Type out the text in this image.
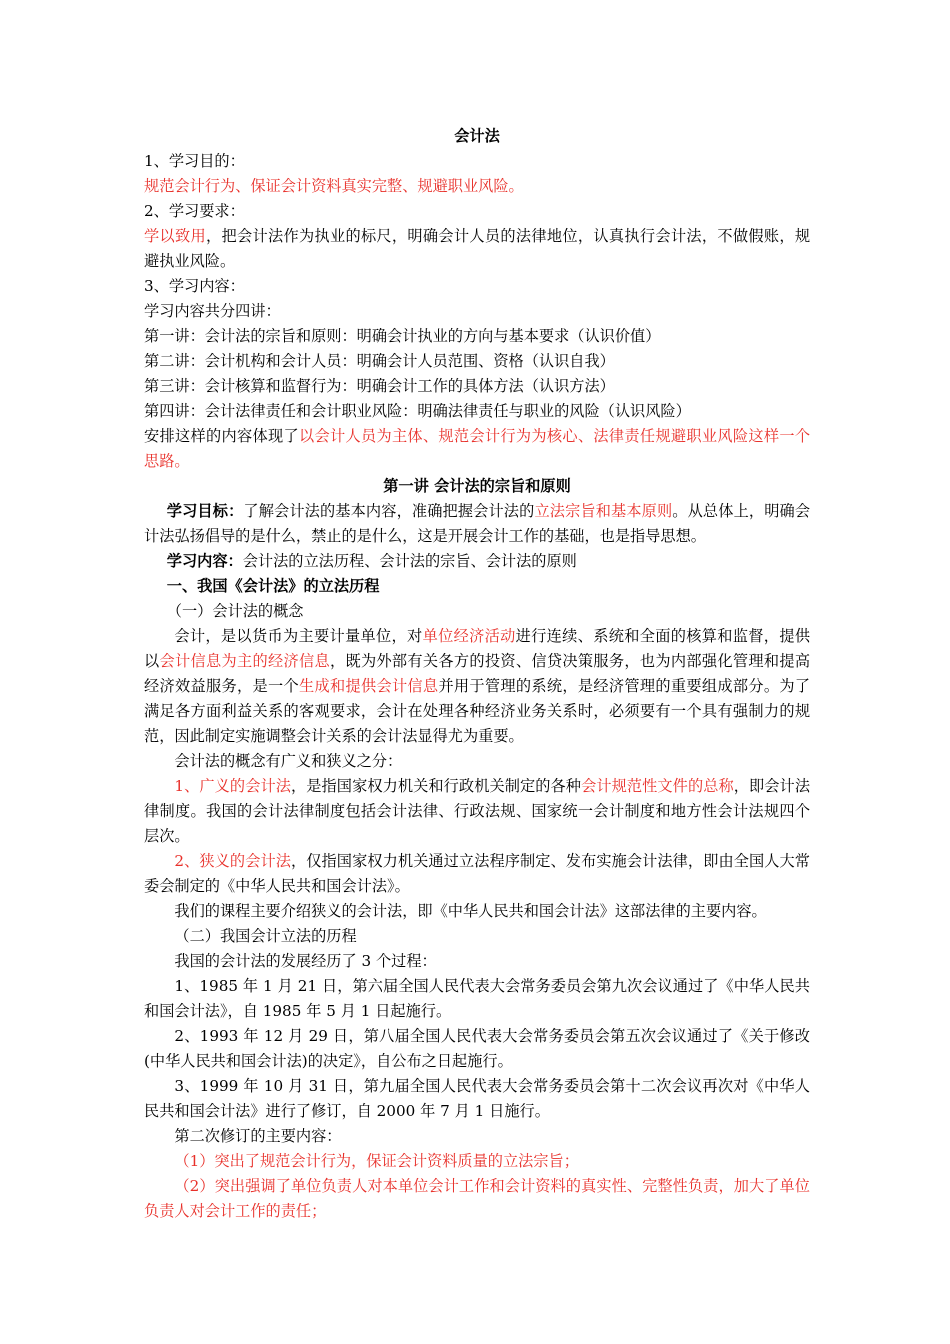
会计法

1、学习目的：

规范会计行为、保证会计资料真实完整、规避职业风险。

2、学习要求：

学以致用，把会计法作为执业的标尺，明确会计人员的法律地位，认真执行会计法，不做假账，规避执业风险。

3、学习内容：

学习内容共分四讲：

第一讲：会计法的宗旨和原则：明确会计执业的方向与基本要求（认识价值）

第二讲：会计机构和会计人员：明确会计人员范围、资格（认识自我）

第三讲：会计核算和监督行为：明确会计工作的具体方法（认识方法）

第四讲：会计法律责任和会计职业风险：明确法律责任与职业的风险（认识风险）

安排这样的内容体现了以会计人员为主体、规范会计行为为核心、法律责任规避职业风险这样一个思路。

第一讲 会计法的宗旨和原则

学习目标：了解会计法的基本内容，准确把握会计法的立法宗旨和基本原则。从总体上，明确会计法弘扬倡导的是什么，禁止的是什么，这是开展会计工作的基础，也是指导思想。

学习内容：会计法的立法历程、会计法的宗旨、会计法的原则

一、我国《会计法》的立法历程

（一）会计法的概念

会计，是以货币为主要计量单位，对单位经济活动进行连续、系统和全面的核算和监督，提供以会计信息为主的经济信息，既为外部有关各方的投资、信贷决策服务，也为内部强化管理和提高经济效益服务，是一个生成和提供会计信息并用于管理的系统，是经济管理的重要组成部分。为了满足各方面利益关系的客观要求，会计在处理各种经济业务关系时，必须要有一个具有强制力的规范，因此制定实施调整会计关系的会计法显得尤为重要。

会计法的概念有广义和狭义之分：

1、广义的会计法，是指国家权力机关和行政机关制定的各种会计规范性文件的总称，即会计法律制度。我国的会计法律制度包括会计法律、行政法规、国家统一会计制度和地方性会计法规四个层次。

2、狭义的会计法，仅指国家权力机关通过立法程序制定、发布实施会计法律，即由全国人大常委会制定的《中华人民共和国会计法》。

我们的课程主要介绍狭义的会计法，即《中华人民共和国会计法》这部法律的主要内容。

（二）我国会计立法的历程

我国的会计法的发展经历了 3 个过程：

1、1985 年 1 月 21 日，第六届全国人民代表大会常务委员会第九次会议通过了《中华人民共和国会计法》，自 1985 年 5 月 1 日起施行。

2、1993 年 12 月 29 日，第八届全国人民代表大会常务委员会第五次会议通过了《关于修改(中华人民共和国会计法)的决定》，自公布之日起施行。

3、1999 年 10 月 31 日，第九届全国人民代表大会常务委员会第十二次会议再次对《中华人民共和国会计法》进行了修订，自 2000 年 7 月 1 日施行。

第二次修订的主要内容：

（1）突出了规范会计行为，保证会计资料质量的立法宗旨；

（2）突出强调了单位负责人对本单位会计工作和会计资料的真实性、完整性负责，加大了单位负责人对会计工作的责任；
